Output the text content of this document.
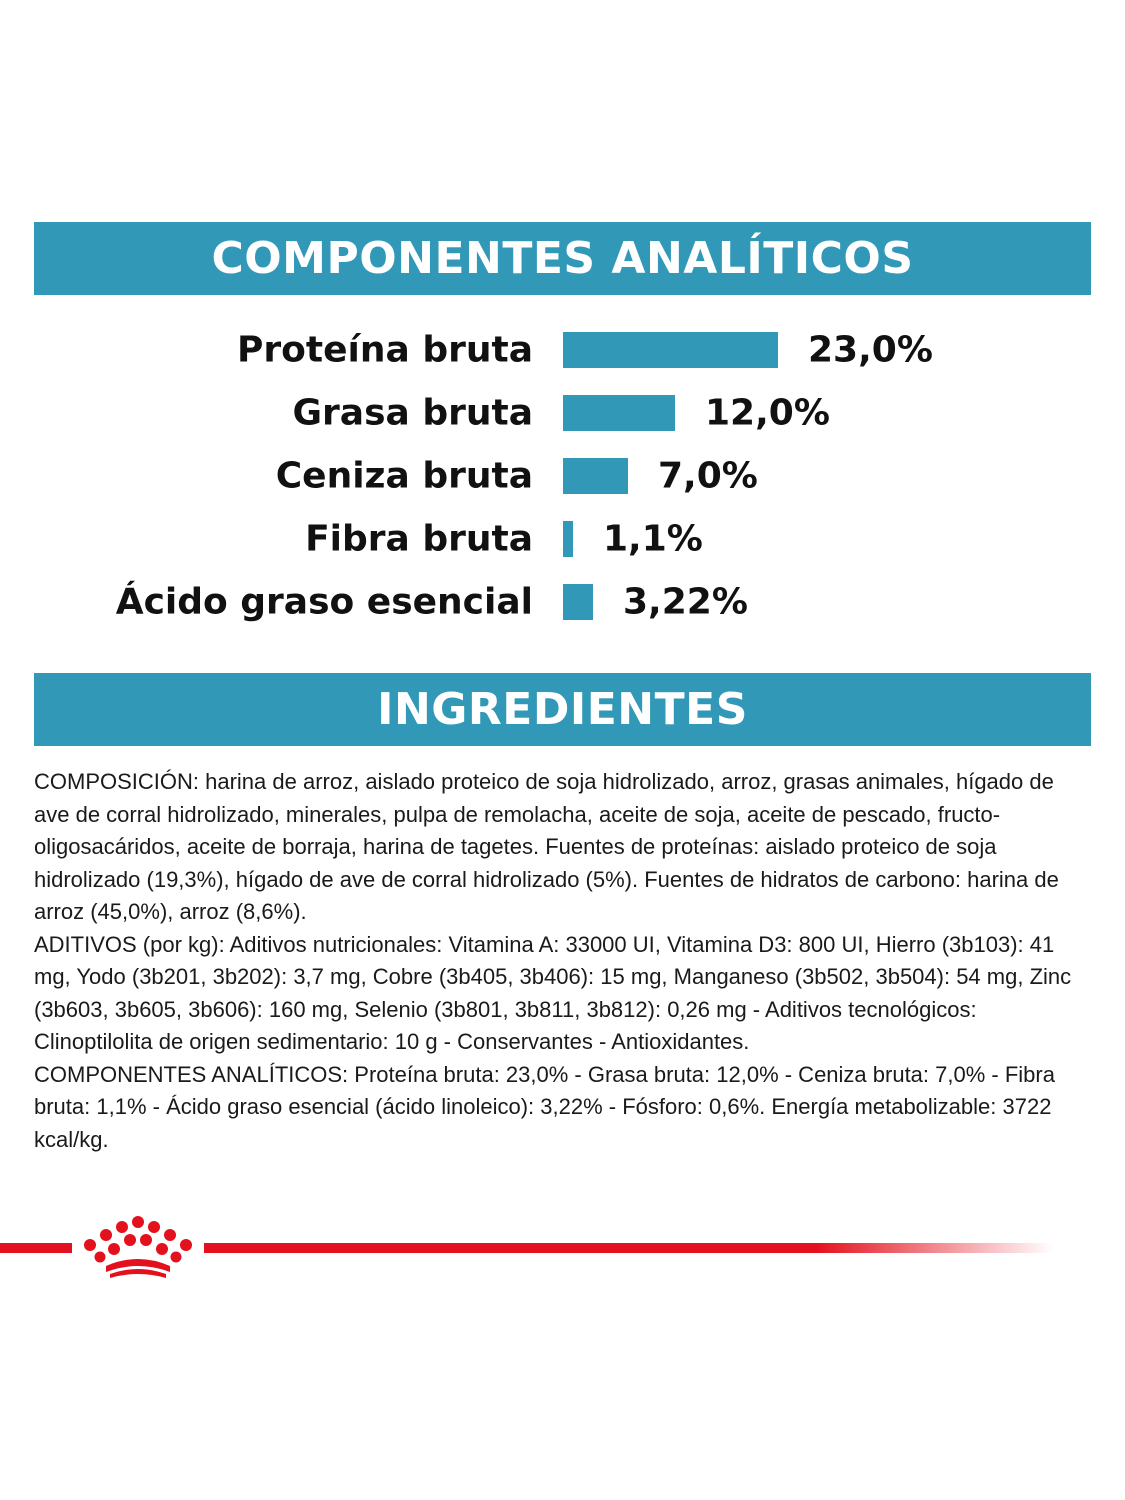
COMPONENTES ANALÍTICOS
Proteína bruta	23,0%
Grasa bruta	12,0%
Ceniza bruta	7,0%
Fibra bruta 1,1%
Ácido graso esencial	3,22%
INGREDIENTES

COMPOSICIÓN: harina de arroz, aislado proteico de soja hidrolizado, arroz, grasas animales, hígado de ave de corral hidrolizado, minerales, pulpa de remolacha, aceite de soja, aceite de pescado, fructo-oligosacáridos, aceite de borraja, harina de tagetes. Fuentes de proteínas: aislado proteico de soja hidrolizado (19,3%), hígado de ave de corral hidrolizado (5%). Fuentes de hidratos de carbono: harina de arroz (45,0%), arroz (8,6%).

ADITIVOS (por kg): Aditivos nutricionales: Vitamina A: 33000 UI, Vitamina D3: 800 UI, Hierro (3b103): 41 mg, Yodo (3b201, 3b202): 3,7 mg, Cobre (3b405, 3b406): 15 mg, Manganeso (3b502, 3b504): 54 mg, Zinc (3b603, 3b605, 3b606): 160 mg, Selenio (3b801, 3b811, 3b812): 0,26 mg - Aditivos tecnológicos: Clinoptilolita de origen sedimentario: 10 g - Conservantes - Antioxidantes.

COMPONENTES ANALÍTICOS: Proteína bruta: 23,0% - Grasa bruta: 12,0% - Ceniza bruta: 7,0% - Fibra bruta: 1,1% - Ácido graso esencial (ácido linoleico): 3,22% - Fósforo: 0,6%. Energía metabolizable: 3722 kcal/kg.
